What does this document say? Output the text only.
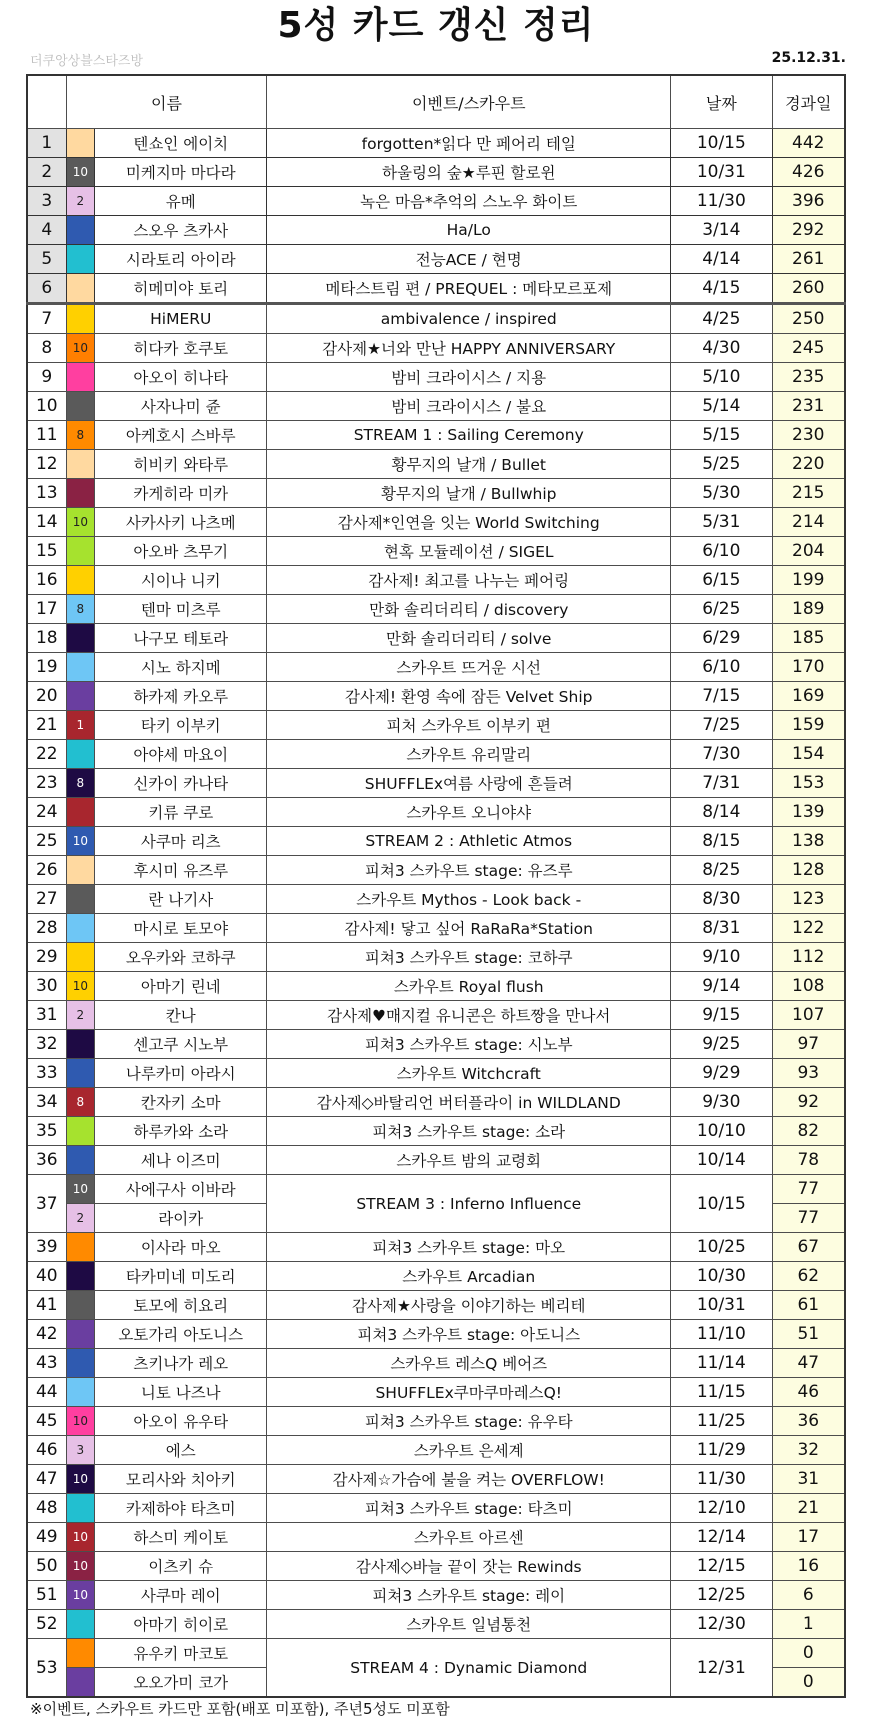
5성 카드 갱신 정리
더쿠앙상블스타즈방	25.12.31.
	이름		이벤트/스카우트	날짜	경과일
1		텐쇼인 에이치	forgotten*읽다 만 페어리 테일	10/15	442
2	10	미케지마 마다라	하울링의 숲★루핀 할로윈	10/31	426
3	2	유메	녹은 마음*추억의 스노우 화이트	11/30	396
4		스오우 츠카사	Ha/Lo	3/14	292
5		시라토리 아이라	전능ACE / 현명	4/14	261
6		히메미야 토리	메타스트림 편 / PREQUEL : 메타모르포제	4/15	260
7		HiMERU	ambivalence / inspired	4/25	250
8	10	히다카 호쿠토	감사제★너와 만난 HAPPY ANNIVERSARY	4/30	245
9		아오이 히나타	밤비 크라이시스 / 지용	5/10	235
10		사자나미 쥰	밤비 크라이시스 / 불요	5/14	231
11	8	아케호시 스바루	STREAM 1 : Sailing Ceremony	5/15	230
12		히비키 와타루	황무지의 날개 / Bullet	5/25	220
13		카게히라 미카	황무지의 날개 / Bullwhip	5/30	215
14	10	사카사키 나츠메	감사제*인연을 잇는 World Switching	5/31	214
15		아오바 츠무기	현혹 모듈레이션 / SIGEL	6/10	204
16		시이나 니키	감사제! 최고를 나누는 페어링	6/15	199
17	8	텐마 미츠루	만화 솔리더리티 / discovery	6/25	189
18		나구모 테토라	만화 솔리더리티 / solve	6/29	185
19		시노 하지메	스카우트 뜨거운 시선	6/10	170
20		하카제 카오루	감사제! 환영 속에 잠든 Velvet Ship	7/15	169
21	1	타키 이부키	피처 스카우트 이부키 편	7/25	159
22		아야세 마요이	스카우트 유리말리	7/30	154
23	8	신카이 카나타	SHUFFLEx여름 사랑에 흔들려	7/31	153
24		키류 쿠로	스카우트 오니야샤	8/14	139
25	10	사쿠마 리츠	STREAM 2 : Athletic Atmos	8/15	138
26		후시미 유즈루	피쳐3 스카우트 stage: 유즈루	8/25	128
27		란 나기사	스카우트 Mythos - Look back -	8/30	123
28		마시로 토모야	감사제! 닿고 싶어 RaRaRa*Station	8/31	122
29		오우카와 코하쿠	피쳐3 스카우트 stage: 코하쿠	9/10	112
30	10	아마기 린네	스카우트 Royal flush	9/14	108
31	2	칸나	감사제♥매지컬 유니콘은 하트짱을 만나서	9/15	107
32		센고쿠 시노부	피쳐3 스카우트 stage: 시노부	9/25	97
33		나루카미 아라시	스카우트 Witchcraft	9/29	93
34	8	칸자키 소마	감사제◇바탈리언 버터플라이 in WILDLAND	9/30	92
35		하루카와 소라	피쳐3 스카우트 stage: 소라	10/10	82
36		세나 이즈미	스카우트 밤의 교령회	10/14	78
37	10	사에구사 이바라	STREAM 3 : Inferno Influence	10/15	77
	2	라이카			77
39		이사라 마오	피쳐3 스카우트 stage: 마오	10/25	67
40		타카미네 미도리	스카우트 Arcadian	10/30	62
41		토모에 히요리	감사제★사랑을 이야기하는 베리테	10/31	61
42		오토가리 아도니스	피쳐3 스카우트 stage: 아도니스	11/10	51
43		츠키나가 레오	스카우트 레스Q 베어즈	11/14	47
44		니토 나즈나	SHUFFLEx쿠마쿠마레스Q!	11/15	46
45	10	아오이 유우타	피쳐3 스카우트 stage: 유우타	11/25	36
46	3	에스	스카우트 은세계	11/29	32
47	10	모리사와 치아키	감사제☆가슴에 불을 켜는 OVERFLOW!	11/30	31
48		카제하야 타츠미	피쳐3 스카우트 stage: 타츠미	12/10	21
49	10	하스미 케이토	스카우트 아르센	12/14	17
50	10	이츠키 슈	감사제◇바늘 끝이 잣는 Rewinds	12/15	16
51	10	사쿠마 레이	피쳐3 스카우트 stage: 레이	12/25	6
52		아마기 히이로	스카우트 일념통천	12/30	1
53		유우키 마코토	STREAM 4 : Dynamic Diamond	12/31	0
		오오가미 코가			0
※이벤트, 스카우트 카드만 포함(배포 미포함), 주년5성도 미포함
